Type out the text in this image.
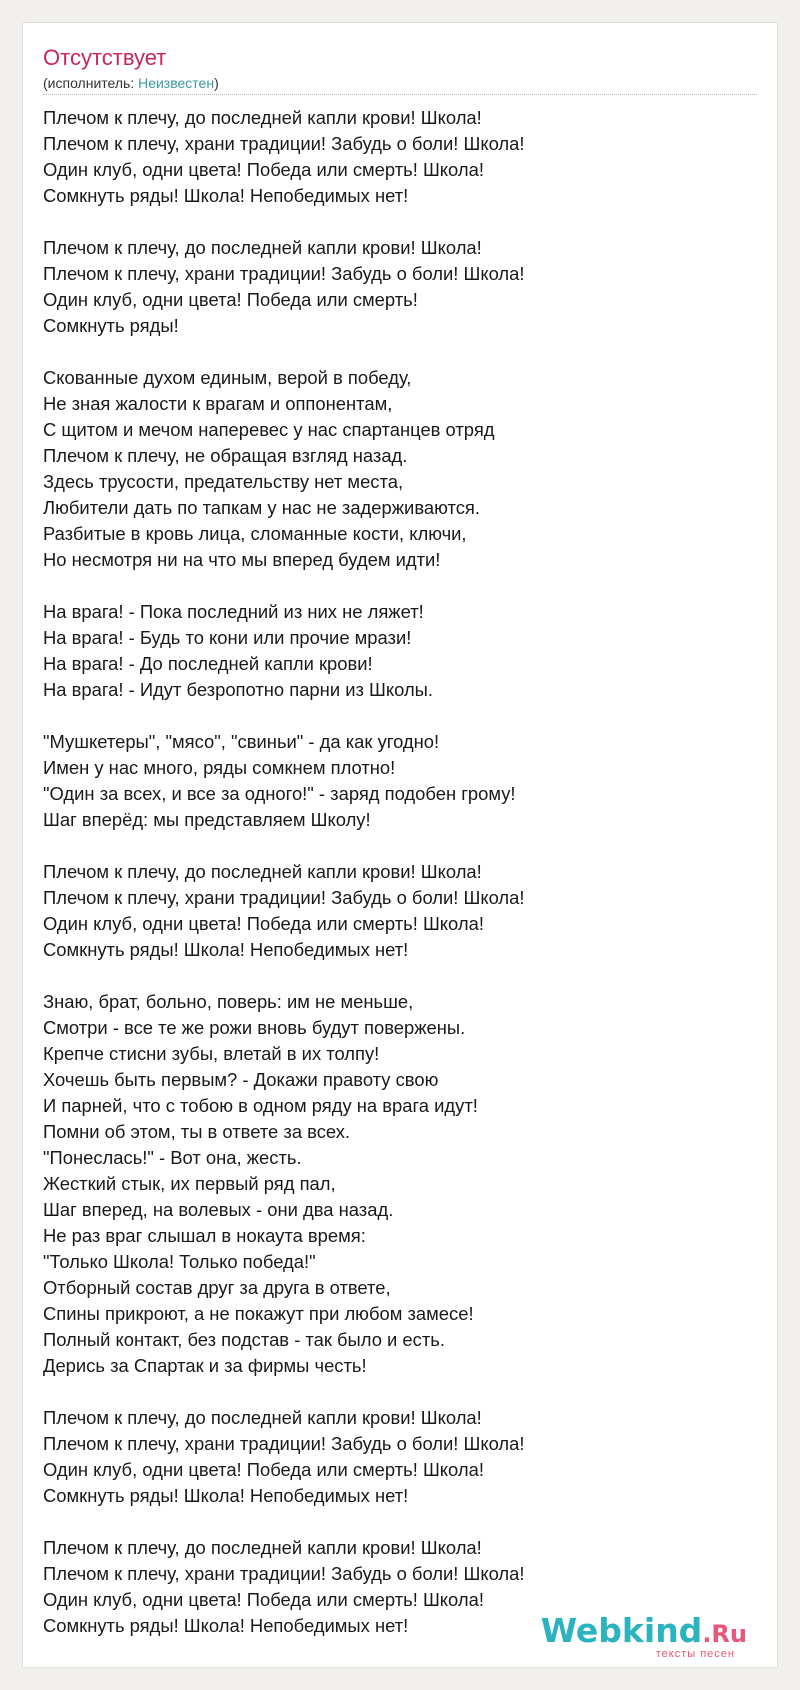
Отсутствует
(исполнитель: Неизвестен)
Плечом к плечу, до последней капли крови! Школа!
Плечом к плечу, храни традиции! Забудь о боли! Школа!
Один клуб, одни цвета! Победа или смерть! Школа!
Сомкнуть ряды! Школа! Непобедимых нет!

Плечом к плечу, до последней капли крови! Школа!
Плечом к плечу, храни традиции! Забудь о боли! Школа!
Один клуб, одни цвета! Победа или смерть!
Сомкнуть ряды!

Скованные духом единым, верой в победу,
Не зная жалости к врагам и оппонентам,
С щитом и мечом наперевес у нас спартанцев отряд
Плечом к плечу, не обращая взгляд назад.
Здесь трусости, предательству нет места,
Любители дать по тапкам у нас не задерживаются.
Разбитые в кровь лица, сломанные кости, ключи,
Но несмотря ни на что мы вперед будем идти!

На врага! - Пока последний из них не ляжет!
На врага! - Будь то кони или прочие мрази!
На врага! - До последней капли крови!
На врага! - Идут безропотно парни из Школы.

"Мушкетеры", "мясо", "свиньи" - да как угодно!
Имен у нас много, ряды сомкнем плотно!
"Один за всех, и все за одного!" - заряд подобен грому!
Шаг вперёд: мы представляем Школу!

Плечом к плечу, до последней капли крови! Школа!
Плечом к плечу, храни традиции! Забудь о боли! Школа!
Один клуб, одни цвета! Победа или смерть! Школа!
Сомкнуть ряды! Школа! Непобедимых нет!

Знаю, брат, больно, поверь: им не меньше,
Смотри - все те же рожи вновь будут повержены.
Крепче стисни зубы, влетай в их толпу!
Хочешь быть первым? - Докажи правоту свою
И парней, что с тобою в одном ряду на врага идут!
Помни об этом, ты в ответе за всех.
"Понеслась!" - Вот она, жесть.
Жесткий стык, их первый ряд пал,
Шаг вперед, на волевых - они два назад.
Не раз враг слышал в нокаута время:
"Только Школа! Только победа!"
Отборный состав друг за друга в ответе,
Спины прикроют, а не покажут при любом замесе!
Полный контакт, без подстав - так было и есть.
Дерись за Спартак и за фирмы честь!

Плечом к плечу, до последней капли крови! Школа!
Плечом к плечу, храни традиции! Забудь о боли! Школа!
Один клуб, одни цвета! Победа или смерть! Школа!
Сомкнуть ряды! Школа! Непобедимых нет!

Плечом к плечу, до последней капли крови! Школа!
Плечом к плечу, храни традиции! Забудь о боли! Школа!
Один клуб, одни цвета! Победа или смерть! Школа!
Сомкнуть ряды! Школа! Непобедимых нет!	Webkind.Ru
тексты песен
